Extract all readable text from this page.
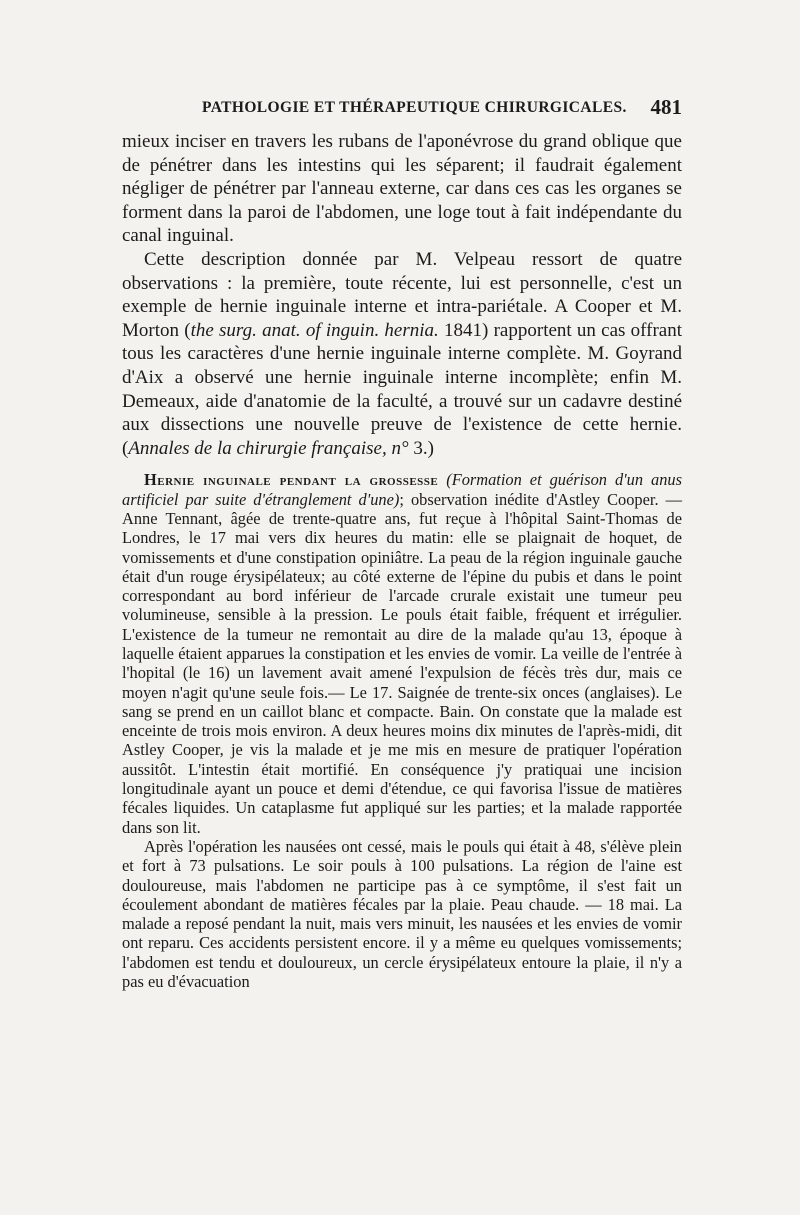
PATHOLOGIE ET THÉRAPEUTIQUE CHIRURGICALES. 481

mieux inciser en travers les rubans de l'aponévrose du grand oblique que de pénétrer dans les intestins qui les séparent; il faudrait également négliger de pénétrer par l'anneau externe, car dans ces cas les organes se forment dans la paroi de l'abdomen, une loge tout à fait indépendante du canal inguinal.

Cette description donnée par M. Velpeau ressort de quatre observations : la première, toute récente, lui est personnelle, c'est un exemple de hernie inguinale interne et intra-pariétale. A Cooper et M. Morton (the surg. anat. of inguin. hernia. 1841) rapportent un cas offrant tous les caractères d'une hernie inguinale interne complète. M. Goyrand d'Aix a observé une hernie inguinale interne incomplète; enfin M. Demeaux, aide d'anatomie de la faculté, a trouvé sur un cadavre destiné aux dissections une nouvelle preuve de l'existence de cette hernie. (Annales de la chirurgie française, n° 3.)

Hernie inguinale pendant la grossesse (Formation et guérison d'un anus artificiel par suite d'étranglement d'une); observation inédite d'Astley Cooper. — Anne Tennant, âgée de trente-quatre ans, fut reçue à l'hôpital Saint-Thomas de Londres, le 17 mai vers dix heures du matin: elle se plaignait de hoquet, de vomissements et d'une constipation opiniâtre. La peau de la région inguinale gauche était d'un rouge érysipélateux; au côté externe de l'épine du pubis et dans le point correspondant au bord inférieur de l'arcade crurale existait une tumeur peu volumineuse, sensible à la pression. Le pouls était faible, fréquent et irrégulier. L'existence de la tumeur ne remontait au dire de la malade qu'au 13, époque à laquelle étaient apparues la constipation et les envies de vomir. La veille de l'entrée à l'hopital (le 16) un lavement avait amené l'expulsion de fécès très dur, mais ce moyen n'agit qu'une seule fois.— Le 17. Saignée de trente-six onces (anglaises). Le sang se prend en un caillot blanc et compacte. Bain. On constate que la malade est enceinte de trois mois environ. A deux heures moins dix minutes de l'après-midi, dit Astley Cooper, je vis la malade et je me mis en mesure de pratiquer l'opération aussitôt. L'intestin était mortifié. En conséquence j'y pratiquai une incision longitudinale ayant un pouce et demi d'étendue, ce qui favorisa l'issue de matières fécales liquides. Un cataplasme fut appliqué sur les parties; et la malade rapportée dans son lit.

Après l'opération les nausées ont cessé, mais le pouls qui était à 48, s'élève plein et fort à 73 pulsations. Le soir pouls à 100 pulsations. La région de l'aine est douloureuse, mais l'abdomen ne participe pas à ce symptôme, il s'est fait un écoulement abondant de matières fécales par la plaie. Peau chaude. — 18 mai. La malade a reposé pendant la nuit, mais vers minuit, les nausées et les envies de vomir ont reparu. Ces accidents persistent encore. il y a même eu quelques vomissements; l'abdomen est tendu et douloureux, un cercle érysipélateux entoure la plaie, il n'y a pas eu d'évacuation
